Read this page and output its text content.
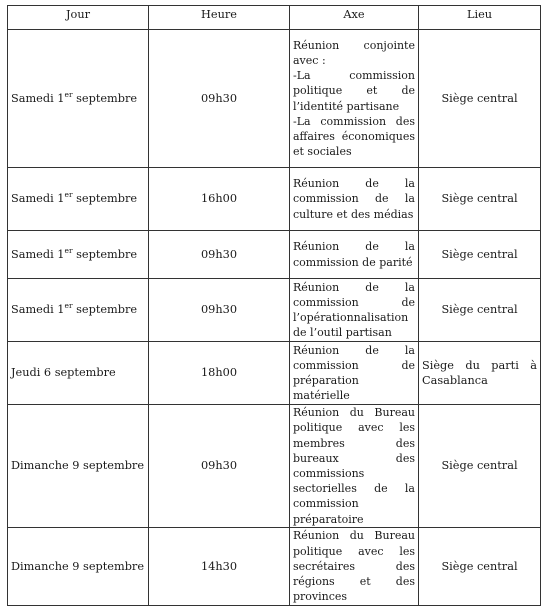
Jour	Heure	Axe	Lieu
Samedi 1er septembre	09h30	Réunion conjointe avec :
-La commission politique et de l’identité partisane
-La commission des affaires économiques et sociales	Siège central
Samedi 1er septembre	16h00	Réunion de la commission de la culture et des médias	Siège central
Samedi 1er septembre	09h30	Réunion de la commission de parité	Siège central
Samedi 1er septembre	09h30	Réunion de la commission de l’opérationnalisation de l’outil partisan	Siège central
Jeudi 6 septembre	18h00	Réunion de la commission de préparation matérielle	Siège du parti à Casablanca
Dimanche 9 septembre	09h30	Réunion du Bureau politique avec les membres des bureaux des commissions sectorielles de la commission préparatoire	Siège central
Dimanche 9 septembre	14h30	Réunion du Bureau politique avec les secrétaires des régions et des provinces	Siège central
